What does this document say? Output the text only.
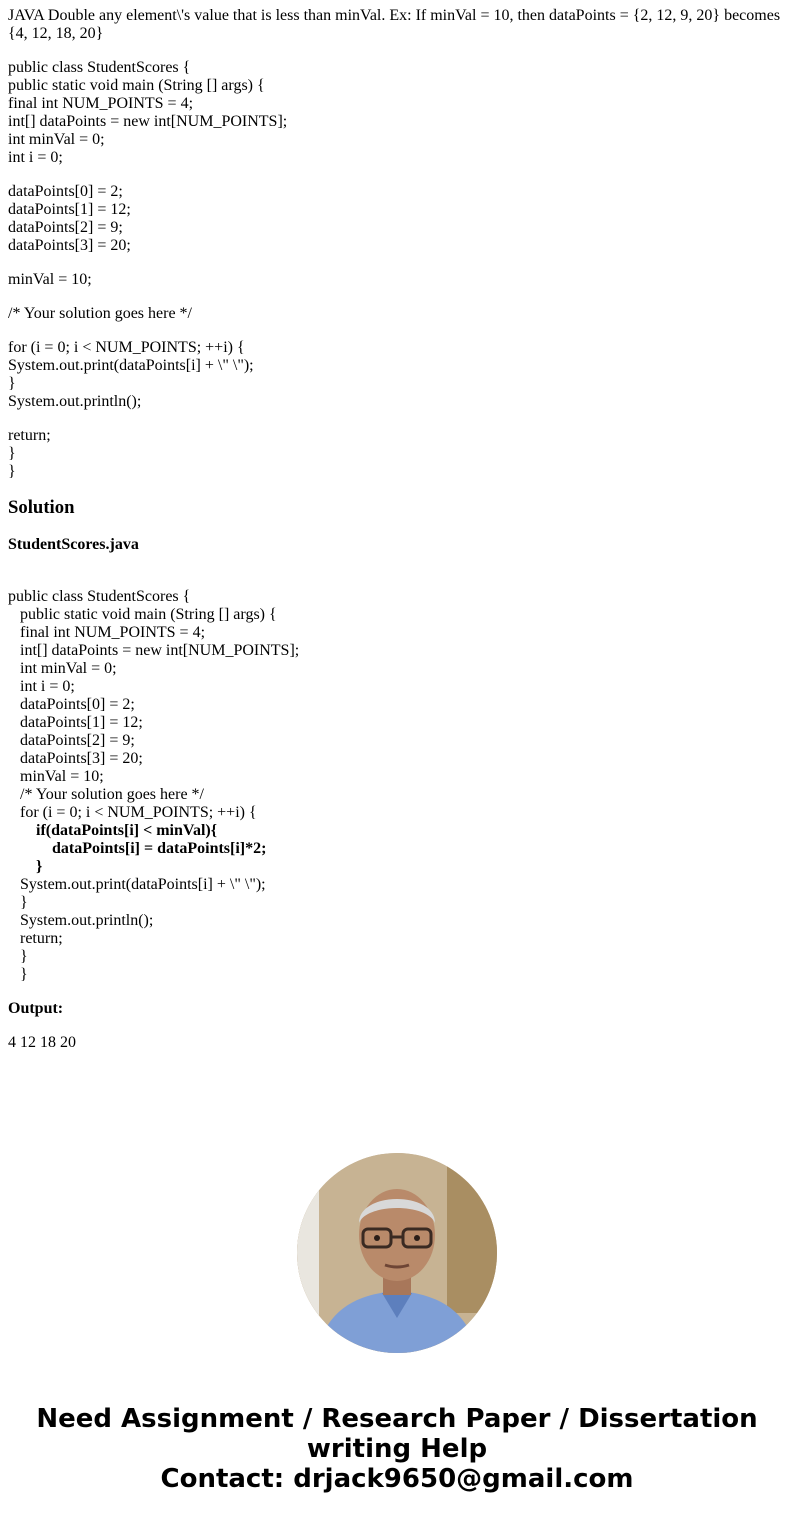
JAVA Double any element\'s value that is less than minVal. Ex: If minVal = 10, then dataPoints = {2, 12, 9, 20} becomes {4, 12, 18, 20}
public class StudentScores {
public static void main (String [] args) {
final int NUM_POINTS = 4;
int[] dataPoints = new int[NUM_POINTS];
int minVal = 0;
int i = 0;
dataPoints[0] = 2;
dataPoints[1] = 12;
dataPoints[2] = 9;
dataPoints[3] = 20;
minVal = 10;
/* Your solution goes here */
for (i = 0; i < NUM_POINTS; ++i) {
System.out.print(dataPoints[i] + \" \");
}
System.out.println();
return;
}
}
Solution
StudentScores.java
public class StudentScores {
public static void main (String [] args) {
final int NUM_POINTS = 4;
int[] dataPoints = new int[NUM_POINTS];
int minVal = 0;
int i = 0;
dataPoints[0] = 2;
dataPoints[1] = 12;
dataPoints[2] = 9;
dataPoints[3] = 20;
minVal = 10;
/* Your solution goes here */
for (i = 0; i < NUM_POINTS; ++i) {
if(dataPoints[i] < minVal){
dataPoints[i] = dataPoints[i]*2;
}
System.out.print(dataPoints[i] + \" \");
}
System.out.println();
return;
}
}
Output:
4 12 18 20
Need Assignment / Research Paper / Dissertation
writing Help
Contact: drjack9650@gmail.com
